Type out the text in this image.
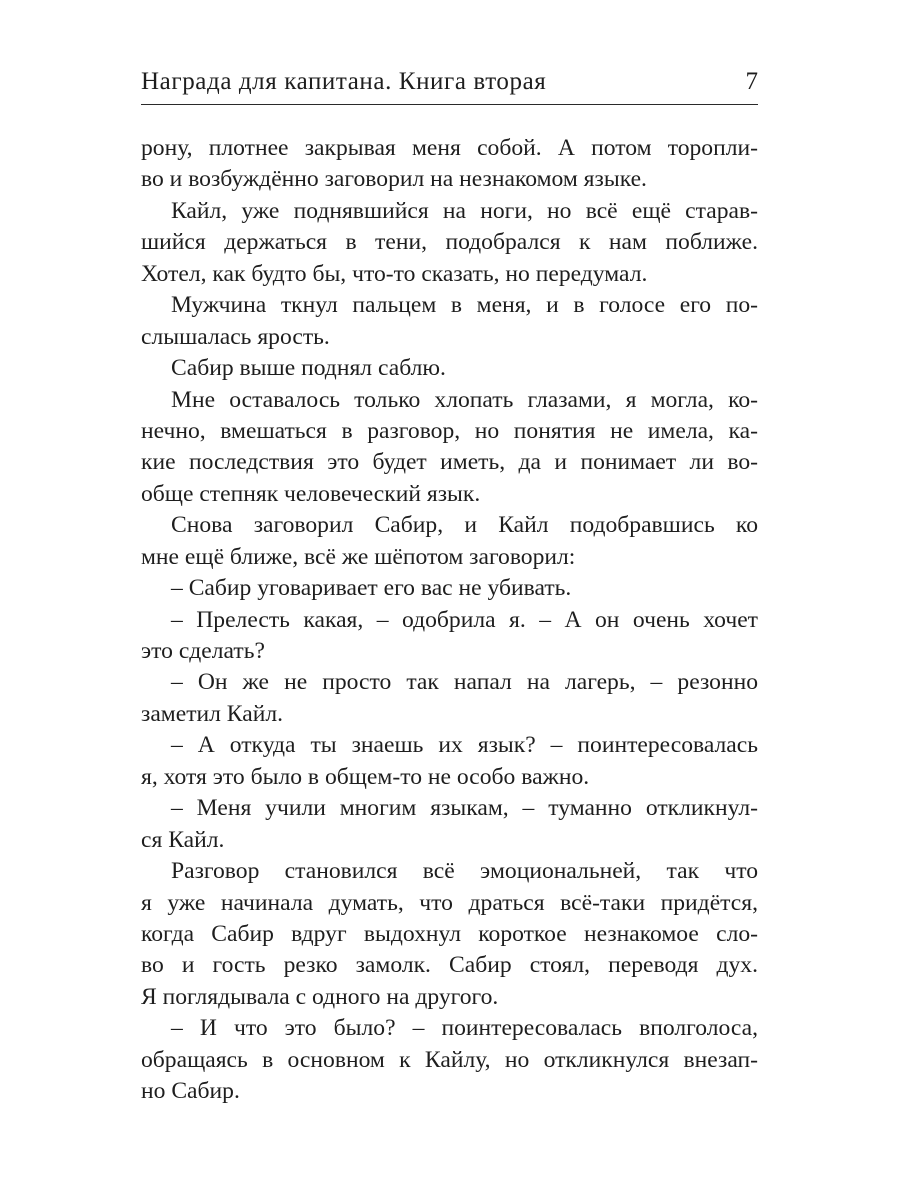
Награда для капитана. Книга вторая	7
рону, плотнее закрывая меня собой. А потом торопли-
во и возбуждённо заговорил на незнакомом языке.
Кайл, уже поднявшийся на ноги, но всё ещё старав-
шийся держаться в тени, подобрался к нам поближе.
Хотел, как будто бы, что-то сказать, но передумал.
Мужчина ткнул пальцем в меня, и в голосе его по-
слышалась ярость.
Сабир выше поднял саблю.
Мне оставалось только хлопать глазами, я могла, ко-
нечно, вмешаться в разговор, но понятия не имела, ка-
кие последствия это будет иметь, да и понимает ли во-
обще степняк человеческий язык.
Снова заговорил Сабир, и Кайл подобравшись ко
мне ещё ближе, всё же шёпотом заговорил:
– Сабир уговаривает его вас не убивать.
– Прелесть какая, – одобрила я. – А он очень хочет
это сделать?
– Он же не просто так напал на лагерь, – резонно
заметил Кайл.
– А откуда ты знаешь их язык? – поинтересовалась
я, хотя это было в общем-то не особо важно.
– Меня учили многим языкам, – туманно откликнул-
ся Кайл.
Разговор становился всё эмоциональней, так что
я уже начинала думать, что драться всё-таки придётся,
когда Сабир вдруг выдохнул короткое незнакомое сло-
во и гость резко замолк. Сабир стоял, переводя дух.
Я поглядывала с одного на другого.
– И что это было? – поинтересовалась вполголоса,
обращаясь в основном к Кайлу, но откликнулся внезап-
но Сабир.
